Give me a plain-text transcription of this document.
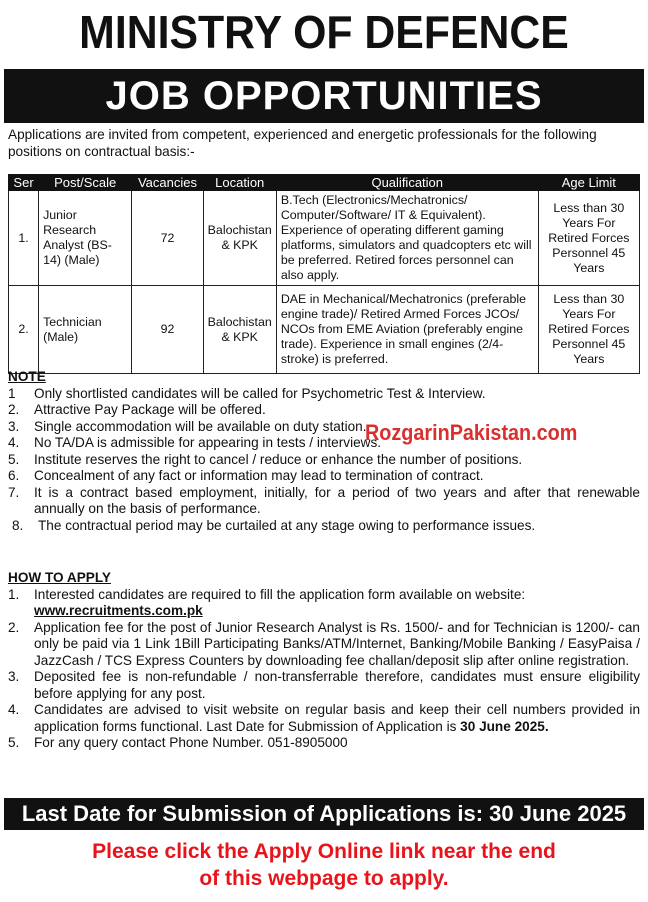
MINISTRY OF DEFENCE
JOB OPPORTUNITIES
Applications are invited from competent, experienced and energetic professionals for the following positions on contractual basis:-
Ser	Post/Scale	Vacancies	Location	Qualification	Age Limit
1.	Junior Research Analyst (BS-14) (Male)	72	Balochistan & KPK	B.Tech (Electronics/Mechatronics/ Computer/Software/ IT & Equivalent). Experience of operating different gaming platforms, simulators and quadcopters etc will be preferred. Retired forces personnel can also apply.	Less than 30 Years For Retired Forces Personnel 45 Years
2.	Technician (Male)	92	Balochistan & KPK	DAE in Mechanical/Mechatronics (preferable engine trade)/ Retired Armed Forces JCOs/ NCOs from EME Aviation (preferably engine trade). Experience in small engines (2/4-stroke) is preferred.	Less than 30 Years For Retired Forces Personnel 45 Years
NOTE
1	Only shortlisted candidates will be called for Psychometric Test & Interview.
2.	Attractive Pay Package will be offered.
3.	Single accommodation will be available on duty station.
4.	No TA/DA is admissible for appearing in tests / interviews.
5.	Institute reserves the right to cancel / reduce or enhance the number of positions.
6.	Concealment of any fact or information may lead to termination of contract.
7.	It is a contract based employment, initially, for a period of two years and after that renewable annually on the basis of performance.
8.	The contractual period may be curtailed at any stage owing to performance issues.
RozgarinPakistan.com
HOW TO APPLY
1.	Interested candidates are required to fill the application form available on website:
www.recruitments.com.pk
2.	Application fee for the post of Junior Research Analyst is Rs. 1500/- and for Technician is 1200/- can only be paid via 1 Link 1Bill Participating Banks/ATM/Internet, Banking/Mobile Banking / EasyPaisa / JazzCash / TCS Express Counters by downloading fee challan/deposit slip after online registration.
3.	Deposited fee is non-refundable / non-transferrable therefore, candidates must ensure eligibility before applying for any post.
4.	Candidates are advised to visit website on regular basis and keep their cell numbers provided in application forms functional. Last Date for Submission of Application is 30 June 2025.
5.	For any query contact Phone Number. 051-8905000
Last Date for Submission of Applications is: 30 June 2025
Please click the Apply Online link near the end
of this webpage to apply.
